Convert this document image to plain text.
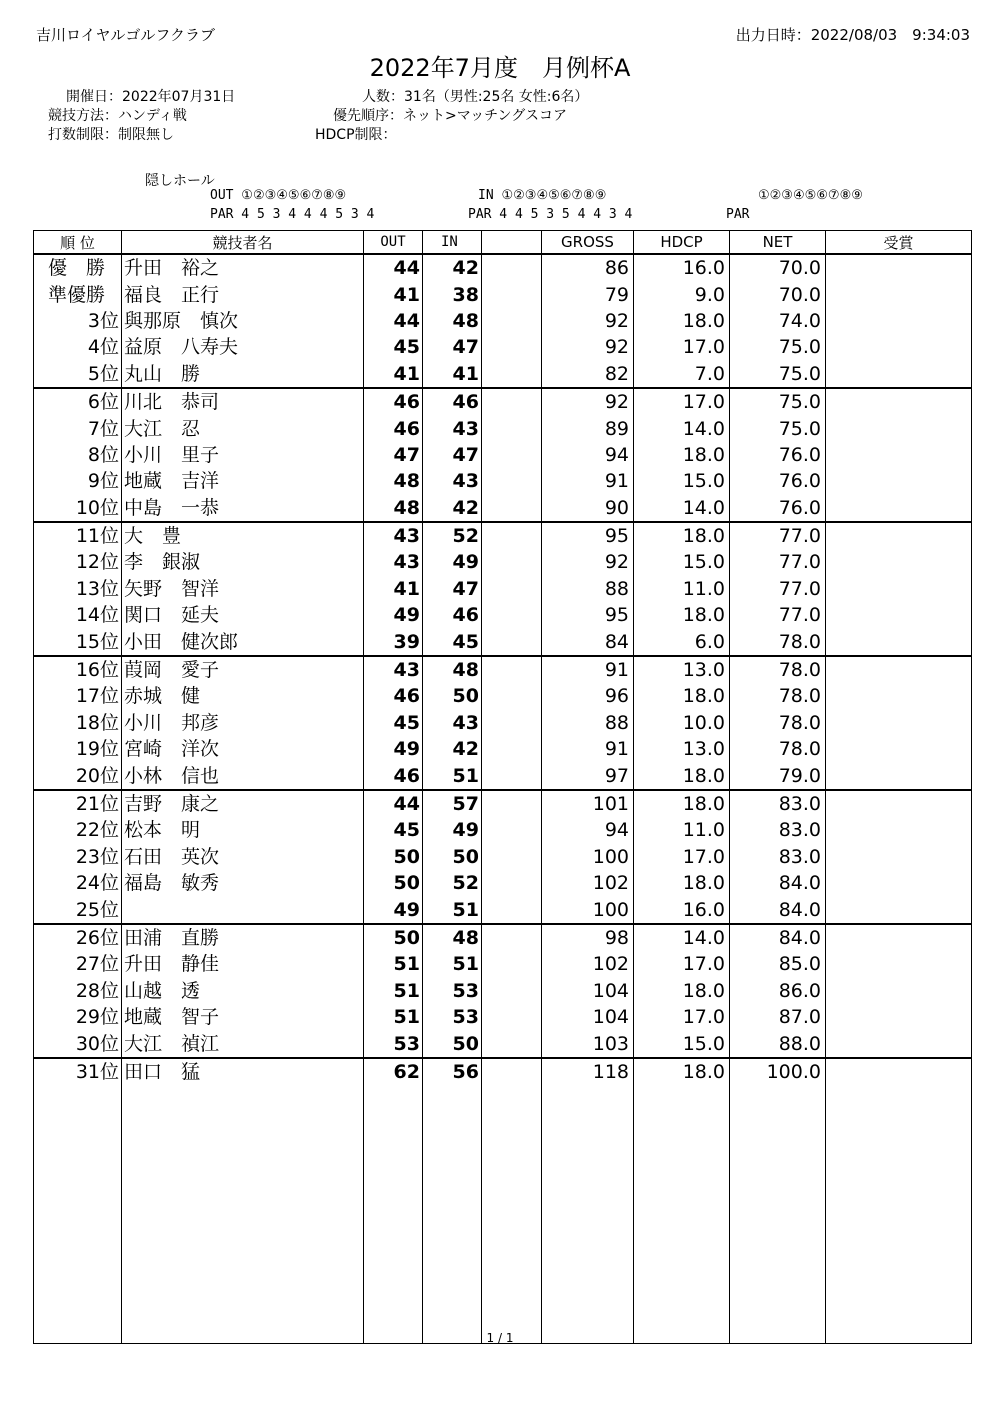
吉川ロイヤルゴルフクラブ	出力日時：2022/08/03　9:34:03
2022年7月度　月例杯A
開催日：2022年07月31日
競技方法：ハンディ戦
打数制限：制限無し
人数：31名（男性:25名 女性:6名）
優先順序：ネット>マッチングスコア
HDCP制限：
隠しホール
OUT ①②③④⑤⑥⑦⑧⑨
PAR 4 5 3 4 4 4 5 3 4
IN ①②③④⑤⑥⑦⑧⑨
PAR 4 4 5 3 5 4 4 3 4
①②③④⑤⑥⑦⑧⑨
PAR
順 位	競技者名	OUT	IN		GROSS	HDCP	NET	受賞
優　勝	升田　裕之	44	42		86	16.0	70.0	
準優勝	福良　正行	41	38		79	9.0	70.0	
3位	與那原　慎次	44	48		92	18.0	74.0	
4位	益原　八寿夫	45	47		92	17.0	75.0	
5位	丸山　勝	41	41		82	7.0	75.0	
6位	川北　恭司	46	46		92	17.0	75.0	
7位	大江　忍	46	43		89	14.0	75.0	
8位	小川　里子	47	47		94	18.0	76.0	
9位	地蔵　吉洋	48	43		91	15.0	76.0	
10位	中島　一恭	48	42		90	14.0	76.0	
11位	大　豊	43	52		95	18.0	77.0	
12位	李　銀淑	43	49		92	15.0	77.0	
13位	矢野　智洋	41	47		88	11.0	77.0	
14位	関口　延夫	49	46		95	18.0	77.0	
15位	小田　健次郎	39	45		84	6.0	78.0	
16位	葭岡　愛子	43	48		91	13.0	78.0	
17位	赤城　健	46	50		96	18.0	78.0	
18位	小川　邦彦	45	43		88	10.0	78.0	
19位	宮崎　洋次	49	42		91	13.0	78.0	
20位	小林　信也	46	51		97	18.0	79.0	
21位	吉野　康之	44	57		101	18.0	83.0	
22位	松本　明	45	49		94	11.0	83.0	
23位	石田　英次	50	50		100	17.0	83.0	
24位	福島　敏秀	50	52		102	18.0	84.0	
25位		49	51		100	16.0	84.0	
26位	田浦　直勝	50	48		98	14.0	84.0	
27位	升田　静佳	51	51		102	17.0	85.0	
28位	山越　透	51	53		104	18.0	86.0	
29位	地蔵　智子	51	53		104	17.0	87.0	
30位	大江　禎江	53	50		103	15.0	88.0	
31位	田口　猛	62	56		118	18.0	100.0	

1 / 1
